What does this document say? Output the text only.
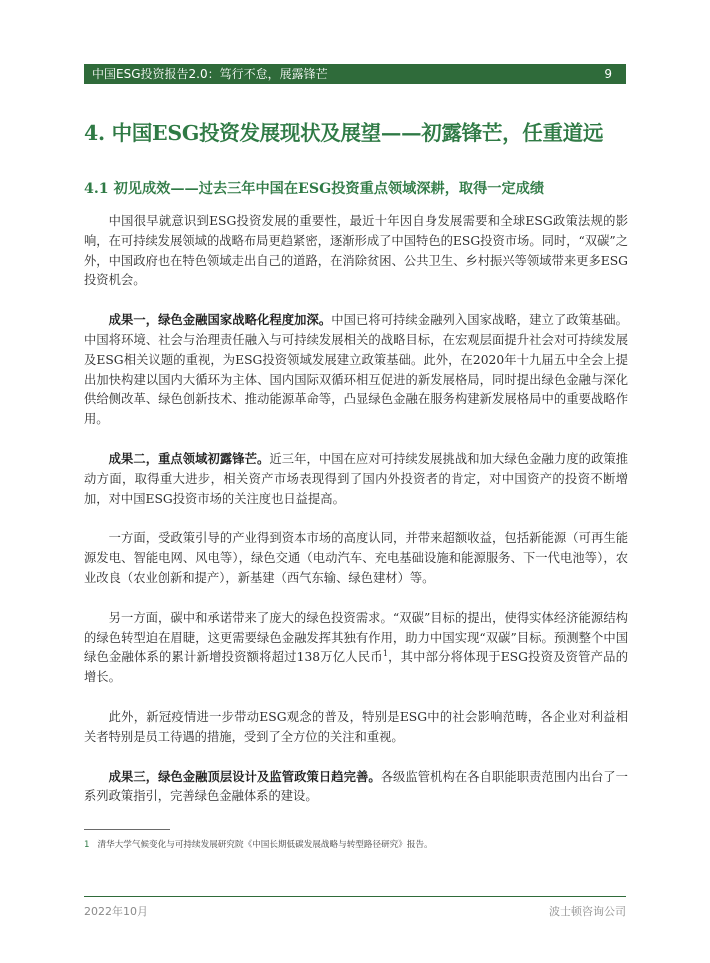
中国ESG投资报告2.0：笃行不怠，展露锋芒	9
4. 中国ESG投资发展现状及展望——初露锋芒，任重道远
4.1 初见成效——过去三年中国在ESG投资重点领域深耕，取得一定成绩

中国很早就意识到ESG投资发展的重要性，最近十年因自身发展需要和全球ESG政策法规的影响，在可持续发展领域的战略布局更趋紧密，逐渐形成了中国特色的ESG投资市场。同时，“双碳”之外，中国政府也在特色领域走出自己的道路，在消除贫困、公共卫生、乡村振兴等领域带来更多ESG投资机会。

成果一，绿色金融国家战略化程度加深。中国已将可持续金融列入国家战略，建立了政策基础。中国将环境、社会与治理责任融入与可持续发展相关的战略目标，在宏观层面提升社会对可持续发展及ESG相关议题的重视，为ESG投资领域发展建立政策基础。此外，在2020年十九届五中全会上提出加快构建以国内大循环为主体、国内国际双循环相互促进的新发展格局，同时提出绿色金融与深化供给侧改革、绿色创新技术、推动能源革命等，凸显绿色金融在服务构建新发展格局中的重要战略作用。

成果二，重点领域初露锋芒。近三年，中国在应对可持续发展挑战和加大绿色金融力度的政策推动方面，取得重大进步，相关资产市场表现得到了国内外投资者的肯定，对中国资产的投资不断增加，对中国ESG投资市场的关注度也日益提高。

一方面，受政策引导的产业得到资本市场的高度认同，并带来超额收益，包括新能源（可再生能源发电、智能电网、风电等），绿色交通（电动汽车、充电基础设施和能源服务、下一代电池等），农业改良（农业创新和提产），新基建（西气东输、绿色建材）等。

另一方面，碳中和承诺带来了庞大的绿色投资需求。“双碳”目标的提出，使得实体经济能源结构的绿色转型迫在眉睫，这更需要绿色金融发挥其独有作用，助力中国实现“双碳”目标。预测整个中国绿色金融体系的累计新增投资额将超过138万亿人民币$^1$，其中部分将体现于ESG投资及资管产品的增长。

此外，新冠疫情进一步带动ESG观念的普及，特别是ESG中的社会影响范畴，各企业对利益相关者特别是员工待遇的措施，受到了全方位的关注和重视。

成果三，绿色金融顶层设计及监管政策日趋完善。各级监管机构在各自职能职责范围内出台了一系列政策指引，完善绿色金融体系的建设。

1 清华大学气候变化与可持续发展研究院《中国长期低碳发展战略与转型路径研究》报告。
2022年10月	波士顿咨询公司
